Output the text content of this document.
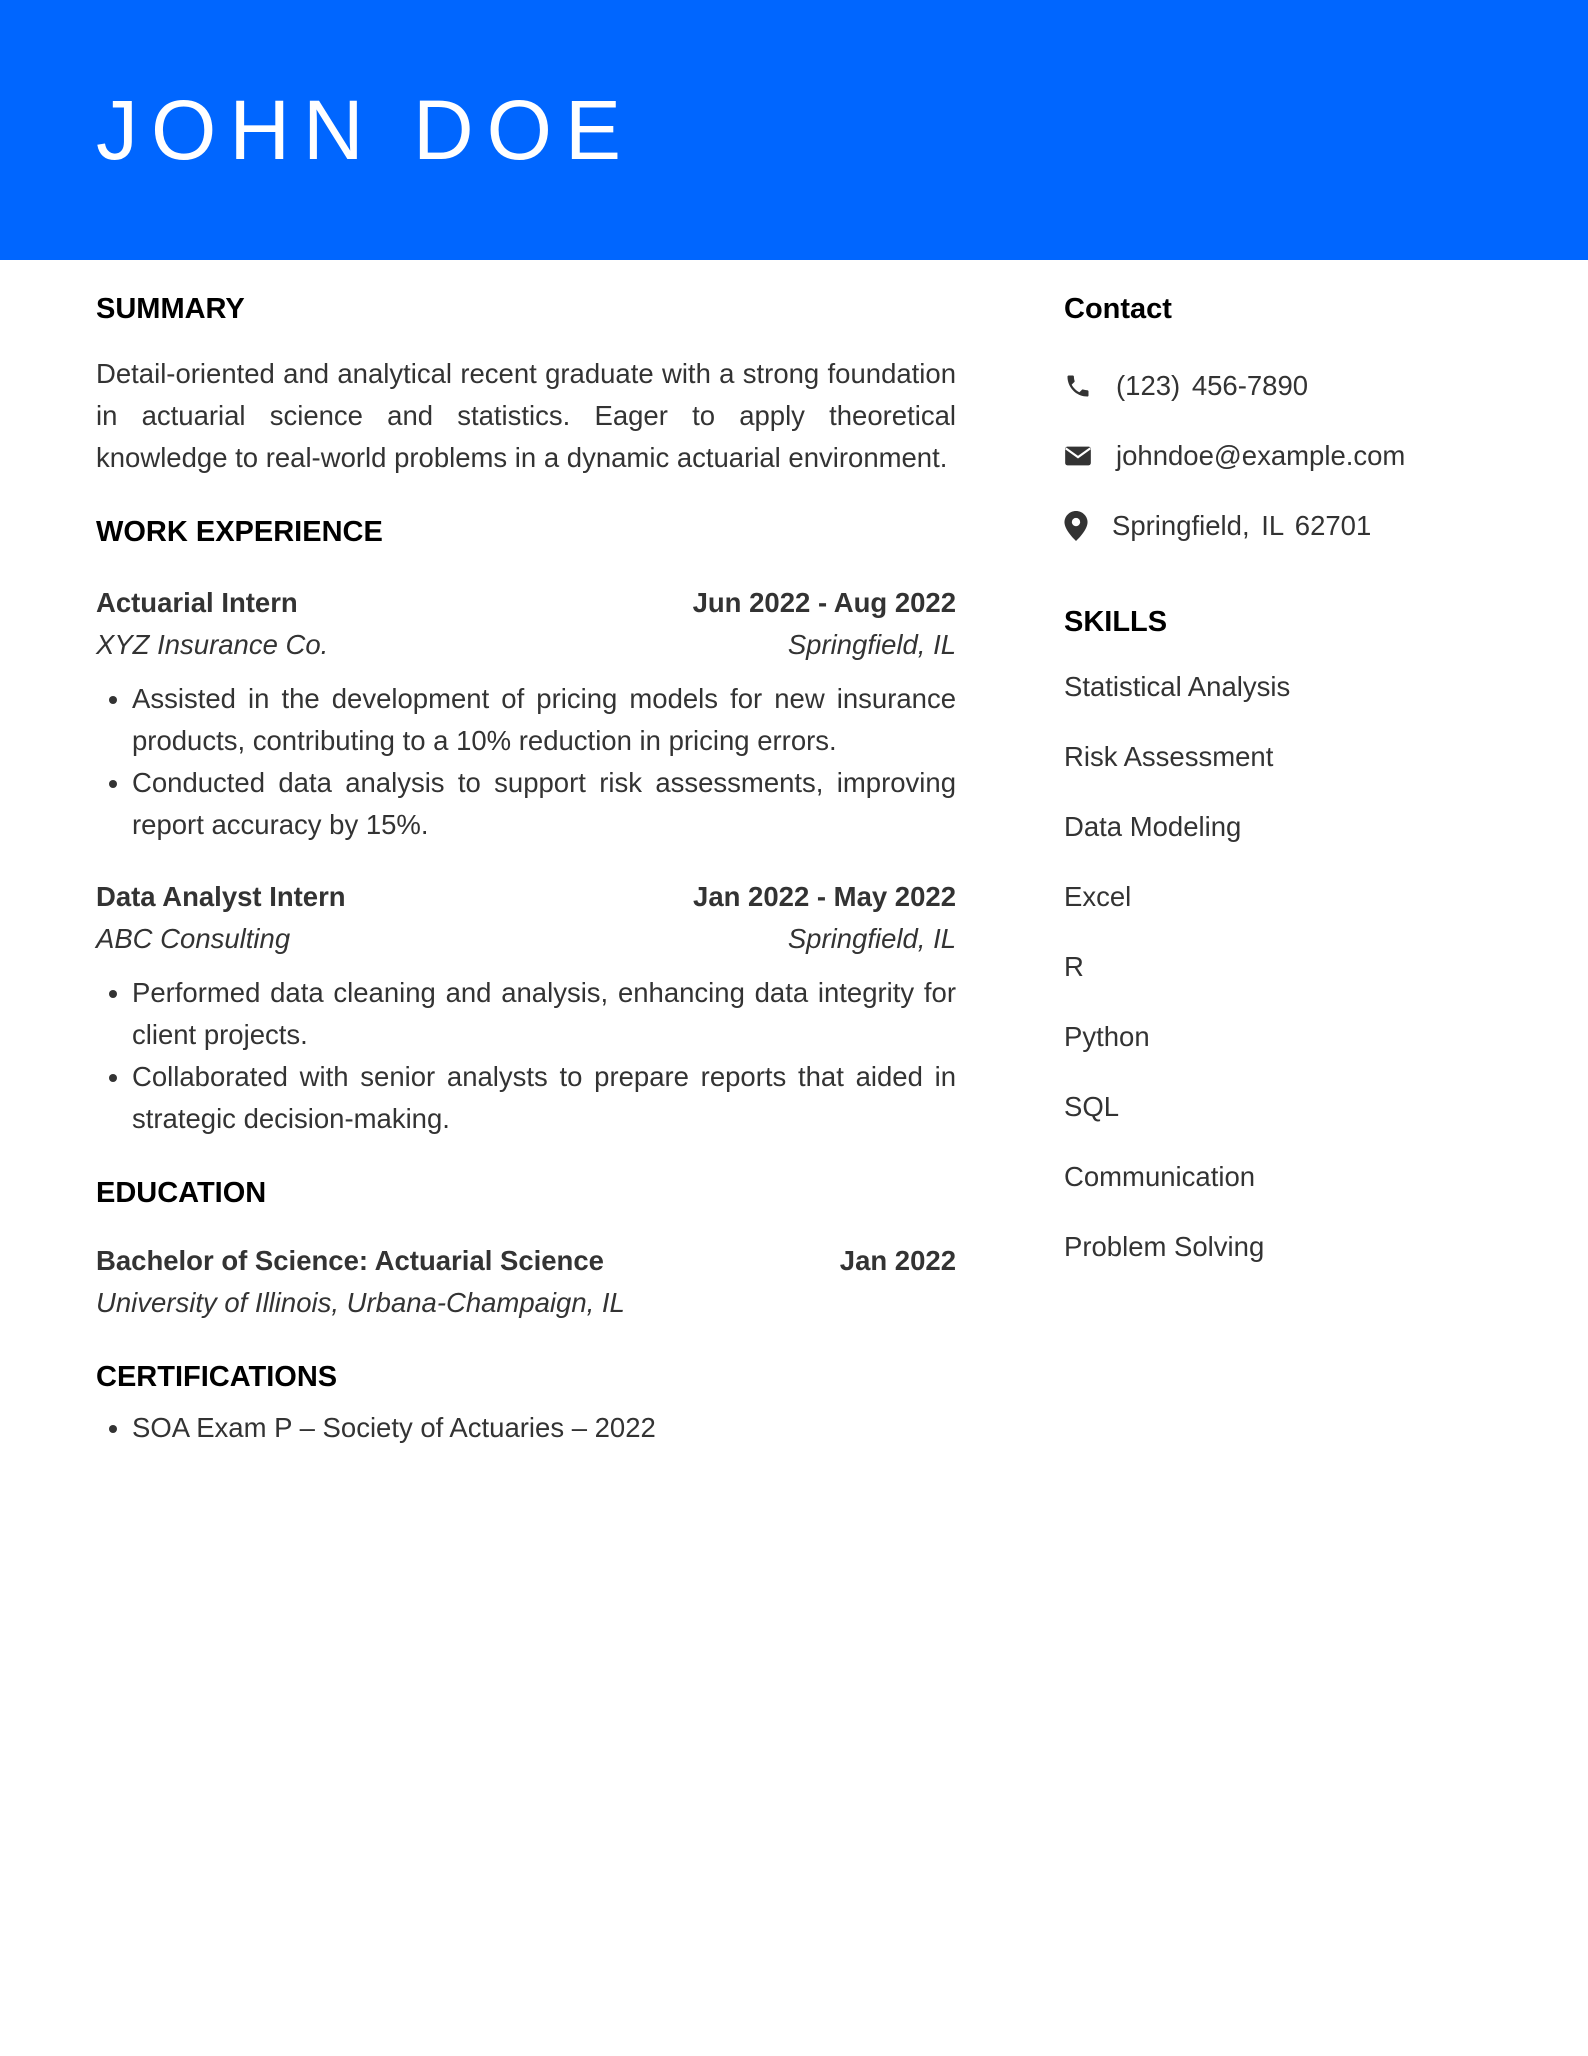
JOHN DOE
SUMMARY

Detail-oriented and analytical recent graduate with a strong foundation in actuarial science and statistics. Eager to apply theoretical knowledge to real-world problems in a dynamic actuarial environment.

WORK EXPERIENCE
Actuarial Intern	Jun 2022 - Aug 2022
XYZ Insurance Co.	Springfield, IL
• Assisted in the development of pricing models for new insurance products, contributing to a 10% reduction in pricing errors.
• Conducted data analysis to support risk assessments, improving report accuracy by 15%.
Data Analyst Intern	Jan 2022 - May 2022
ABC Consulting	Springfield, IL
• Performed data cleaning and analysis, enhancing data integrity for client projects.
• Collaborated with senior analysts to prepare reports that aided in strategic decision-making.
EDUCATION
Bachelor of Science: Actuarial Science	Jan 2022
University of Illinois, Urbana-Champaign, IL
CERTIFICATIONS
• SOA Exam P – Society of Actuaries – 2022
Contact
(123) 456-7890
johndoe@example.com
Springfield, IL 62701
SKILLS
Statistical Analysis
Risk Assessment
Data Modeling
Excel
R
Python
SQL
Communication
Problem Solving
